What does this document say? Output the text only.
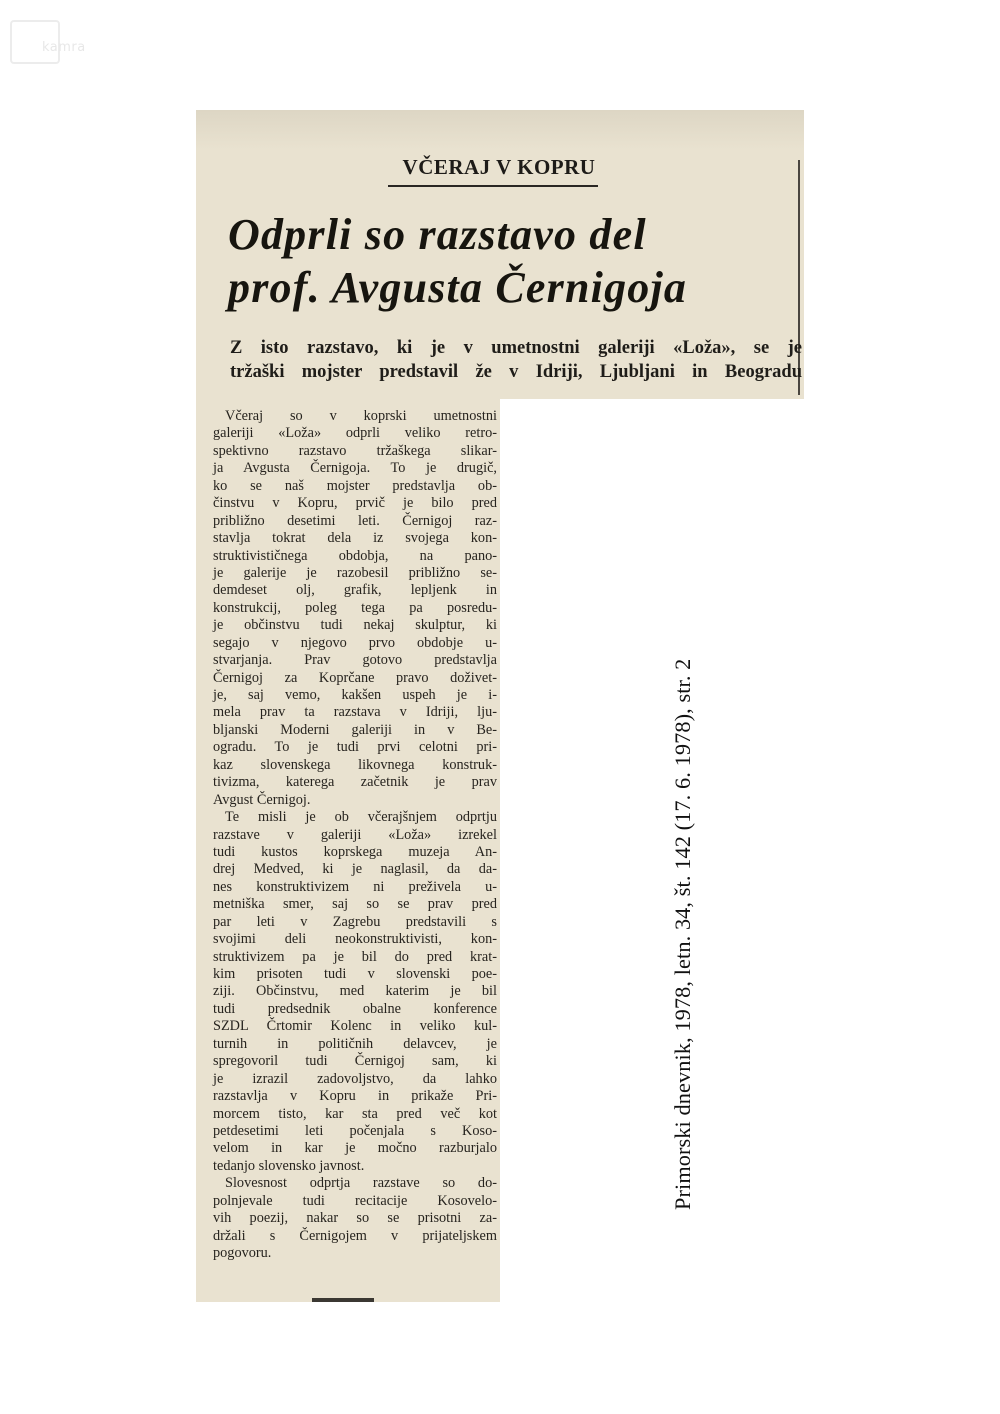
kamra
VČERAJ V KOPRU
Odprli so razstavo del
prof. Avgusta Černigoja
Z isto razstavo, ki je v umetnostni galeriji «Loža», se je
tržaški mojster predstavil že v Idriji, Ljubljani in Beogradu
Včeraj so v koprski umetnostni
galeriji «Loža» odprli veliko retro-
spektivno razstavo tržaškega slikar-
ja Avgusta Černigoja. To je drugič,
ko se naš mojster predstavlja ob-
činstvu v Kopru, prvič je bilo pred
približno desetimi leti. Černigoj raz-
stavlja tokrat dela iz svojega kon-
struktivističnega obdobja, na pano-
je galerije je razobesil približno se-
demdeset olj, grafik, lepljenk in
konstrukcij, poleg tega pa posredu-
je občinstvu tudi nekaj skulptur, ki
segajo v njegovo prvo obdobje u-
stvarjanja. Prav gotovo predstavlja
Černigoj za Koprčane pravo doživet-
je, saj vemo, kakšen uspeh je i-
mela prav ta razstava v Idriji, lju-
bljanski Moderni galeriji in v Be-
ogradu. To je tudi prvi celotni pri-
kaz slovenskega likovnega konstruk-
tivizma, katerega začetnik je prav
Avgust Černigoj.
Te misli je ob včerajšnjem odprtju
razstave v galeriji «Loža» izrekel
tudi kustos koprskega muzeja An-
drej Medved, ki je naglasil, da da-
nes konstruktivizem ni preživela u-
metniška smer, saj so se prav pred
par leti v Zagrebu predstavili s
svojimi deli neokonstruktivisti, kon-
struktivizem pa je bil do pred krat-
kim prisoten tudi v slovenski poe-
ziji. Občinstvu, med katerim je bil
tudi predsednik obalne konference
SZDL Črtomir Kolenc in veliko kul-
turnih in političnih delavcev, je
spregovoril tudi Černigoj sam, ki
je izrazil zadovoljstvo, da lahko
razstavlja v Kopru in prikaže Pri-
morcem tisto, kar sta pred več kot
petdesetimi leti počenjala s Koso-
velom in kar je močno razburjalo
tedanjo slovensko javnost.
Slovesnost odprtja razstave so do-
polnjevale tudi recitacije Kosovelo-
vih poezij, nakar so se prisotni za-
držali s Černigojem v prijateljskem
pogovoru.
Primorski dnevnik, 1978, letn. 34, št. 142 (17. 6. 1978), str. 2
